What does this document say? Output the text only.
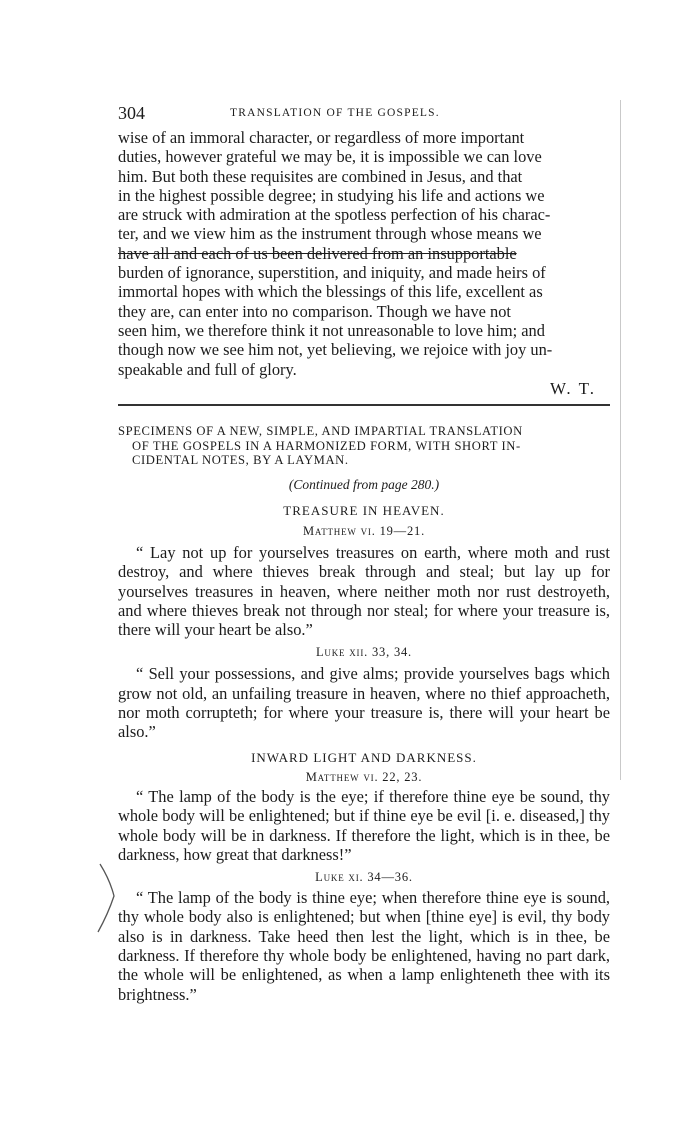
304	TRANSLATION OF THE GOSPELS.

wise of an immoral character, or regardless of more important

duties, however grateful we may be, it is impossible we can love

him. But both these requisites are combined in Jesus, and that

in the highest possible degree; in studying his life and actions we

are struck with admiration at the spotless perfection of his charac-

ter, and we view him as the instrument through whose means we

have all and each of us been delivered from an insupportable

burden of ignorance, superstition, and iniquity, and made heirs of

immortal hopes with which the blessings of this life, excellent as

they are, can enter into no comparison. Though we have not

seen him, we therefore think it not unreasonable to love him; and

though now we see him not, yet believing, we rejoice with joy un-

speakable and full of glory.

W. T.

SPECIMENS OF A NEW, SIMPLE, AND IMPARTIAL TRANSLATION
OF THE GOSPELS IN A HARMONIZED FORM, WITH SHORT IN-
CIDENTAL NOTES, BY A LAYMAN.
(Continued from page 280.)
TREASURE IN HEAVEN.
Matthew vi. 19—21.

“ Lay not up for yourselves treasures on earth, where moth and rust destroy, and where thieves break through and steal; but lay up for yourselves treasures in heaven, where neither moth nor rust destroyeth, and where thieves break not through nor steal; for where your treasure is, there will your heart be also.”

Luke xii. 33, 34.

“ Sell your possessions, and give alms; provide yourselves bags which grow not old, an unfailing treasure in heaven, where no thief approacheth, nor moth corrupteth; for where your treasure is, there will your heart be also.”

INWARD LIGHT AND DARKNESS.
Matthew vi. 22, 23.

“ The lamp of the body is the eye; if therefore thine eye be sound, thy whole body will be enlightened; but if thine eye be evil [i. e. diseased,] thy whole body will be in darkness. If therefore the light, which is in thee, be darkness, how great that darkness!”

Luke xi. 34—36.

“ The lamp of the body is thine eye; when therefore thine eye is sound, thy whole body also is enlightened; but when [thine eye] is evil, thy body also is in darkness. Take heed then lest the light, which is in thee, be darkness. If therefore thy whole body be enlightened, having no part dark, the whole will be enlightened, as when a lamp enlighteneth thee with its brightness.”
